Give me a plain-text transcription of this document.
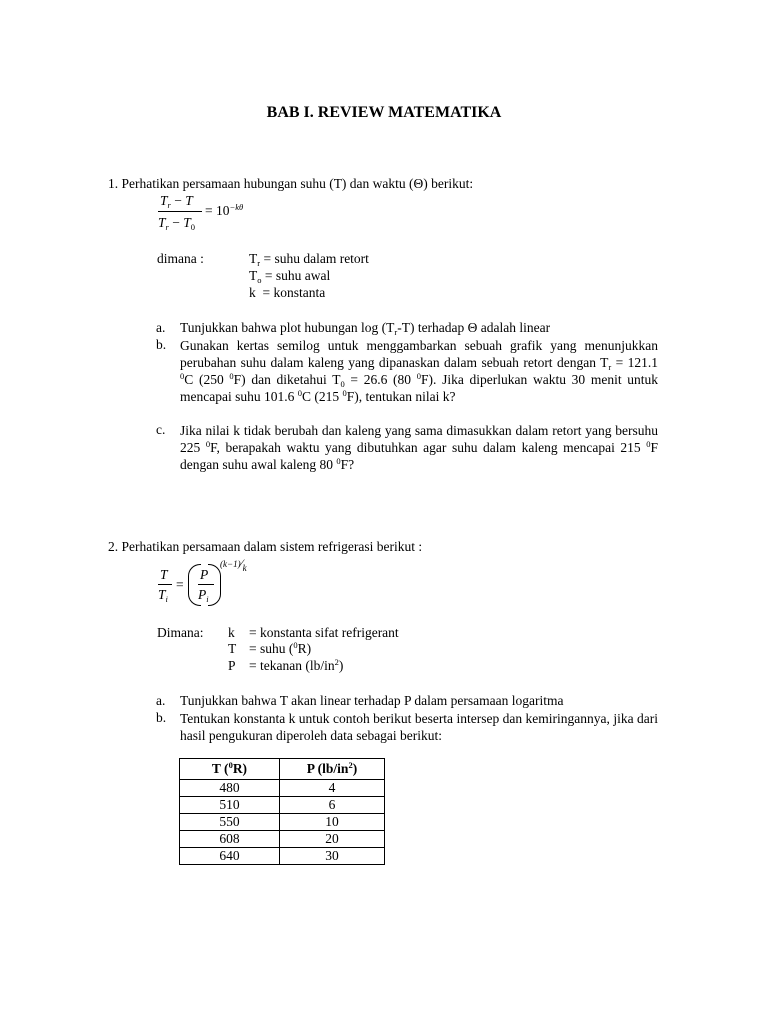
BAB I. REVIEW MATEMATIKA
1. Perhatikan persamaan hubungan suhu (T) dan waktu (Θ) berikut:
$T_r - T$
$T_r - T_0$
= $10^{-k\theta}$
dimana :	$T_r$ = suhu dalam retort
$T_o$ = suhu awal
k  = konstanta
a. Tunjukkan bahwa plot hubungan $\log (T_r-T)$ terhadap Θ adalah linear
b. Gunakan kertas semilog untuk menggambarkan sebuah grafik yang menunjukkan perubahan suhu dalam kaleng yang dipanaskan dalam sebuah retort dengan $T_r = 121.1$ $^0$C (250 $^0$F) dan diketahui $T_0 = 26.6$ (80 $^0$F). Jika diperlukan waktu 30 menit untuk mencapai suhu 101.6 $^0$C (215 $^0$F), tentukan nilai k?
c. Jika nilai k tidak berubah dan kaleng yang sama dimasukkan dalam retort yang bersuhu 225 $^0$F, berapakah waktu yang dibutuhkan agar suhu dalam kaleng mencapai 215 $^0$F dengan suhu awal kaleng 80 $^0$F?
2. Perhatikan persamaan dalam sistem refrigerasi berikut :
T
$T_i$
=
P
$P_i$
(k−1)⁄k
Dimana: k = konstanta sifat refrigerant
T = suhu ($^0$R)
P = tekanan $(lb/in^2)$
a. Tunjukkan bahwa T akan linear terhadap P dalam persamaan logaritma
b. Tentukan konstanta k untuk contoh berikut beserta intersep dan kemiringannya, jika dari hasil pengukuran diperoleh data sebagai berikut:
T ($^0$R)	P $(lb/in^2)$
480	4
510	6
550	10
608	20
640	30
